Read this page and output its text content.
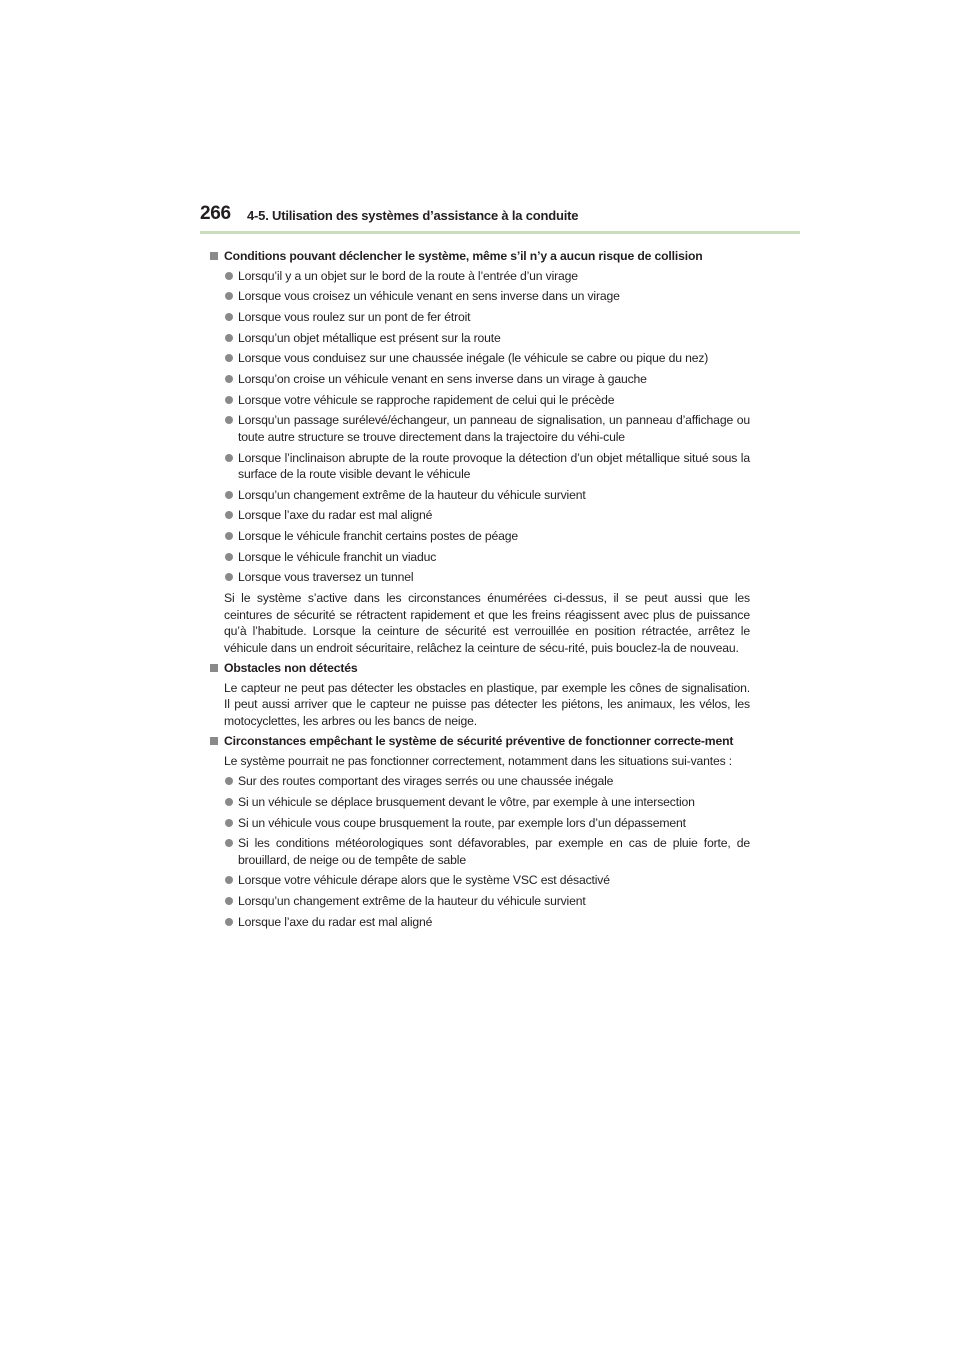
266 4-5. Utilisation des systèmes d’assistance à la conduite
Conditions pouvant déclencher le système, même s’il n’y a aucun risque de collision
Lorsqu’il y a un objet sur le bord de la route à l’entrée d’un virage
Lorsque vous croisez un véhicule venant en sens inverse dans un virage
Lorsque vous roulez sur un pont de fer étroit
Lorsqu’un objet métallique est présent sur la route
Lorsque vous conduisez sur une chaussée inégale (le véhicule se cabre ou pique du nez)
Lorsqu’on croise un véhicule venant en sens inverse dans un virage à gauche
Lorsque votre véhicule se rapproche rapidement de celui qui le précède
Lorsqu’un passage surélevé/échangeur, un panneau de signalisation, un panneau d’affichage ou toute autre structure se trouve directement dans la trajectoire du véhi-cule
Lorsque l’inclinaison abrupte de la route provoque la détection d’un objet métallique situé sous la surface de la route visible devant le véhicule
Lorsqu’un changement extrême de la hauteur du véhicule survient
Lorsque l’axe du radar est mal aligné
Lorsque le véhicule franchit certains postes de péage
Lorsque le véhicule franchit un viaduc
Lorsque vous traversez un tunnel
Si le système s’active dans les circonstances énumérées ci-dessus, il se peut aussi que les ceintures de sécurité se rétractent rapidement et que les freins réagissent avec plus de puissance qu’à l’habitude. Lorsque la ceinture de sécurité est verrouillée en position rétractée, arrêtez le véhicule dans un endroit sécuritaire, relâchez la ceinture de sécu-rité, puis bouclez-la de nouveau.
Obstacles non détectés
Le capteur ne peut pas détecter les obstacles en plastique, par exemple les cônes de signalisation. Il peut aussi arriver que le capteur ne puisse pas détecter les piétons, les animaux, les vélos, les motocyclettes, les arbres ou les bancs de neige.
Circonstances empêchant le système de sécurité préventive de fonctionner correcte-ment
Le système pourrait ne pas fonctionner correctement, notamment dans les situations sui-vantes :
Sur des routes comportant des virages serrés ou une chaussée inégale
Si un véhicule se déplace brusquement devant le vôtre, par exemple à une intersection
Si un véhicule vous coupe brusquement la route, par exemple lors d’un dépassement
Si les conditions météorologiques sont défavorables, par exemple en cas de pluie forte, de brouillard, de neige ou de tempête de sable
Lorsque votre véhicule dérape alors que le système VSC est désactivé
Lorsqu’un changement extrême de la hauteur du véhicule survient
Lorsque l’axe du radar est mal aligné
